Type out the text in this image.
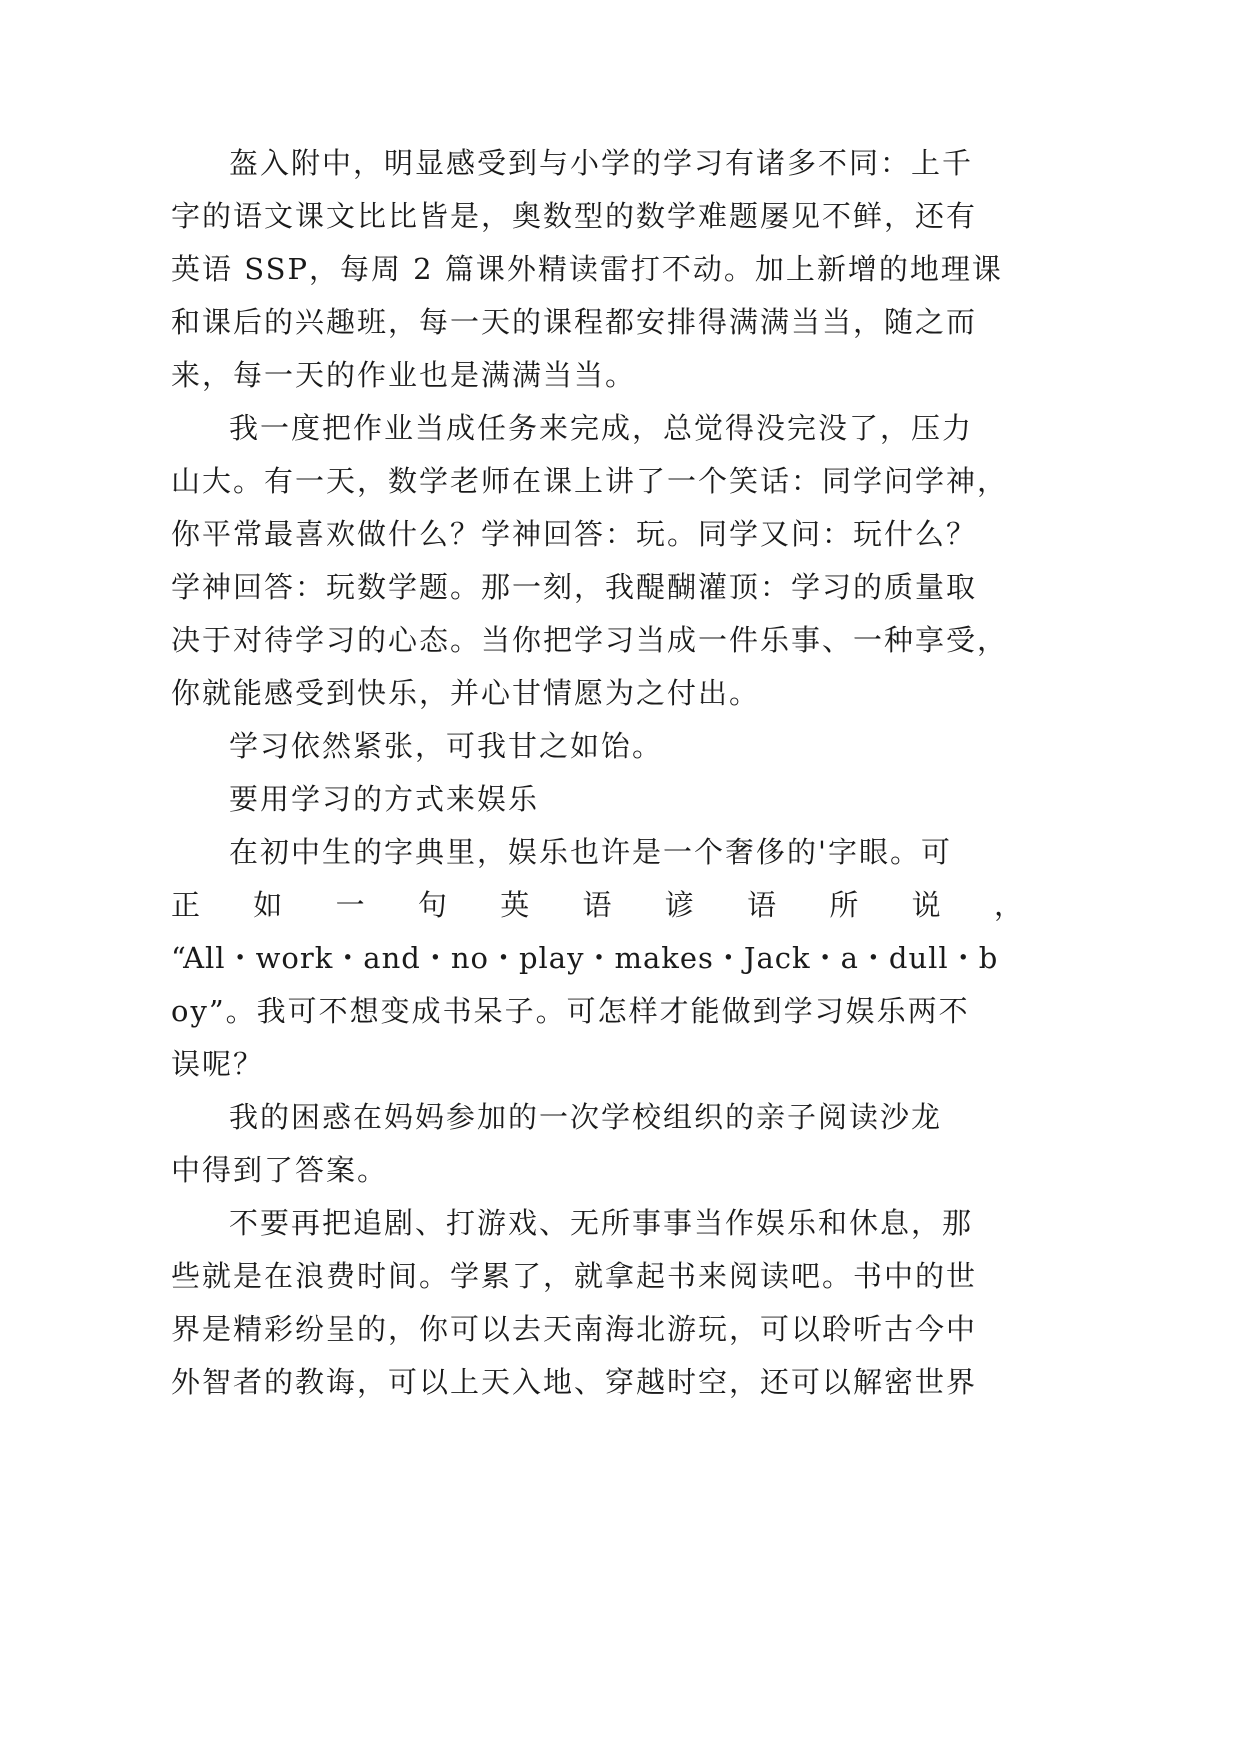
盔入附中，明显感受到与小学的学习有诸多不同：上千
字的语文课文比比皆是，奥数型的数学难题屡见不鲜，还有
英语 SSP，每周 2 篇课外精读雷打不动。加上新增的地理课
和课后的兴趣班，每一天的课程都安排得满满当当，随之而
来，每一天的作业也是满满当当。
我一度把作业当成任务来完成，总觉得没完没了，压力
山大。有一天，数学老师在课上讲了一个笑话：同学问学神，
你平常最喜欢做什么？学神回答：玩。同学又问：玩什么？
学神回答：玩数学题。那一刻，我醍醐灌顶：学习的质量取
决于对待学习的心态。当你把学习当成一件乐事、一种享受，
你就能感受到快乐，并心甘情愿为之付出。
学习依然紧张，可我甘之如饴。
要用学习的方式来娱乐
在初中生的字典里，娱乐也许是一个奢侈的'字眼。可
正 如 一 句 英 语 谚 语 所 说 ，
“All・work・and・no・play・makes・Jack・a・dull・b
oy”。我可不想变成书呆子。可怎样才能做到学习娱乐两不
误呢？
我的困惑在妈妈参加的一次学校组织的亲子阅读沙龙
中得到了答案。
不要再把追剧、打游戏、无所事事当作娱乐和休息，那
些就是在浪费时间。学累了，就拿起书来阅读吧。书中的世
界是精彩纷呈的，你可以去天南海北游玩，可以聆听古今中
外智者的教诲，可以上天入地、穿越时空，还可以解密世界
